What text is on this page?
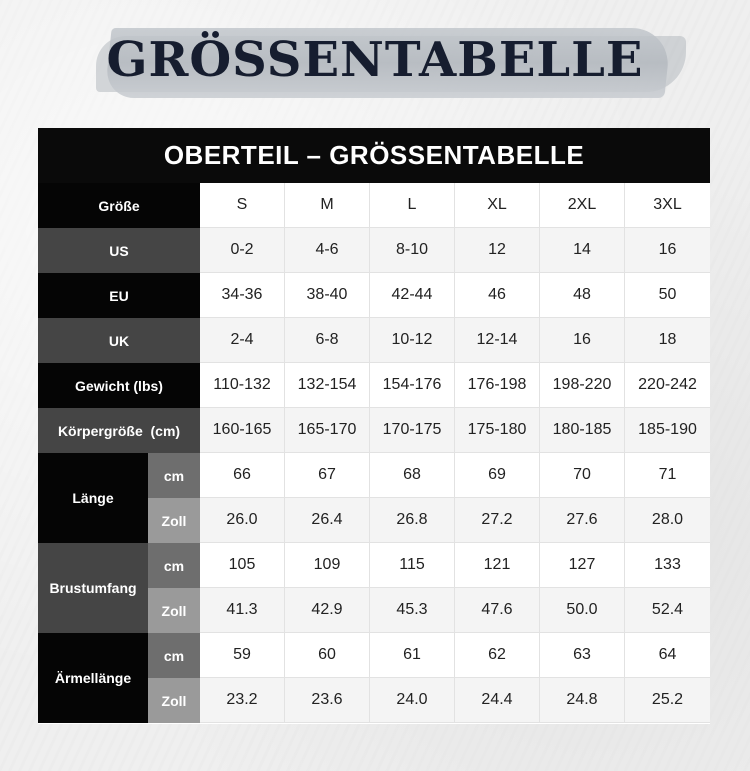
GRÖSSENTABELLE
OBERTEIL – GRÖSSENTABELLE
Größe	S	M	L	XL	2XL	3XL
US	0-2	4-6	8-10	12	14	16
EU	34-36	38-40	42-44	46	48	50
UK	2-4	6-8	10-12	12-14	16	18
Gewicht (lbs)	110-132	132-154	154-176	176-198	198-220	220-242
Körpergröße  (cm)	160-165	165-170	170-175	175-180	180-185	185-190
Länge
cm	66	67	68	69	70	71
Zoll	26.0	26.4	26.8	27.2	27.6	28.0
Brustumfang
cm	105	109	115	121	127	133
Zoll	41.3	42.9	45.3	47.6	50.0	52.4
Ärmellänge
cm	59	60	61	62	63	64
Zoll	23.2	23.6	24.0	24.4	24.8	25.2
